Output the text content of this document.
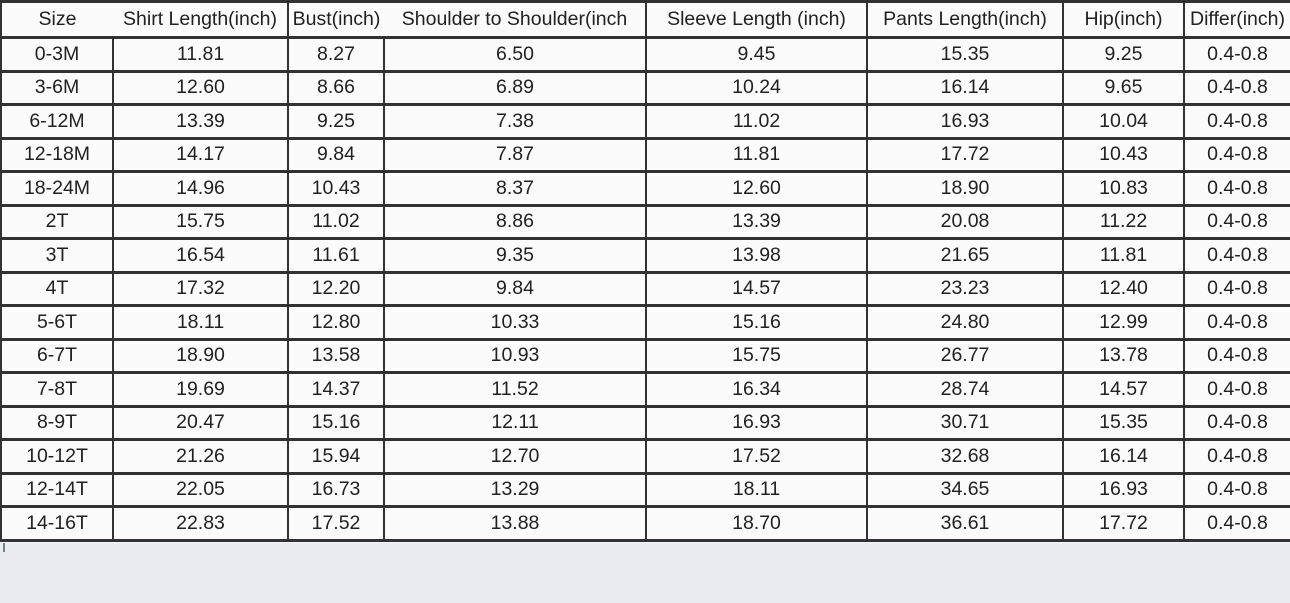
Size	Shirt Length(inch)	Bust(inch)	Shoulder to Shoulder(inch	Sleeve Length (inch)	Pants Length(inch)	Hip(inch)	Differ(inch)
0-3M	11.81	8.27	6.50	9.45	15.35	9.25	0.4-0.8
3-6M	12.60	8.66	6.89	10.24	16.14	9.65	0.4-0.8
6-12M	13.39	9.25	7.38	11.02	16.93	10.04	0.4-0.8
12-18M	14.17	9.84	7.87	11.81	17.72	10.43	0.4-0.8
18-24M	14.96	10.43	8.37	12.60	18.90	10.83	0.4-0.8
2T	15.75	11.02	8.86	13.39	20.08	11.22	0.4-0.8
3T	16.54	11.61	9.35	13.98	21.65	11.81	0.4-0.8
4T	17.32	12.20	9.84	14.57	23.23	12.40	0.4-0.8
5-6T	18.11	12.80	10.33	15.16	24.80	12.99	0.4-0.8
6-7T	18.90	13.58	10.93	15.75	26.77	13.78	0.4-0.8
7-8T	19.69	14.37	11.52	16.34	28.74	14.57	0.4-0.8
8-9T	20.47	15.16	12.11	16.93	30.71	15.35	0.4-0.8
10-12T	21.26	15.94	12.70	17.52	32.68	16.14	0.4-0.8
12-14T	22.05	16.73	13.29	18.11	34.65	16.93	0.4-0.8
14-16T	22.83	17.52	13.88	18.70	36.61	17.72	0.4-0.8
